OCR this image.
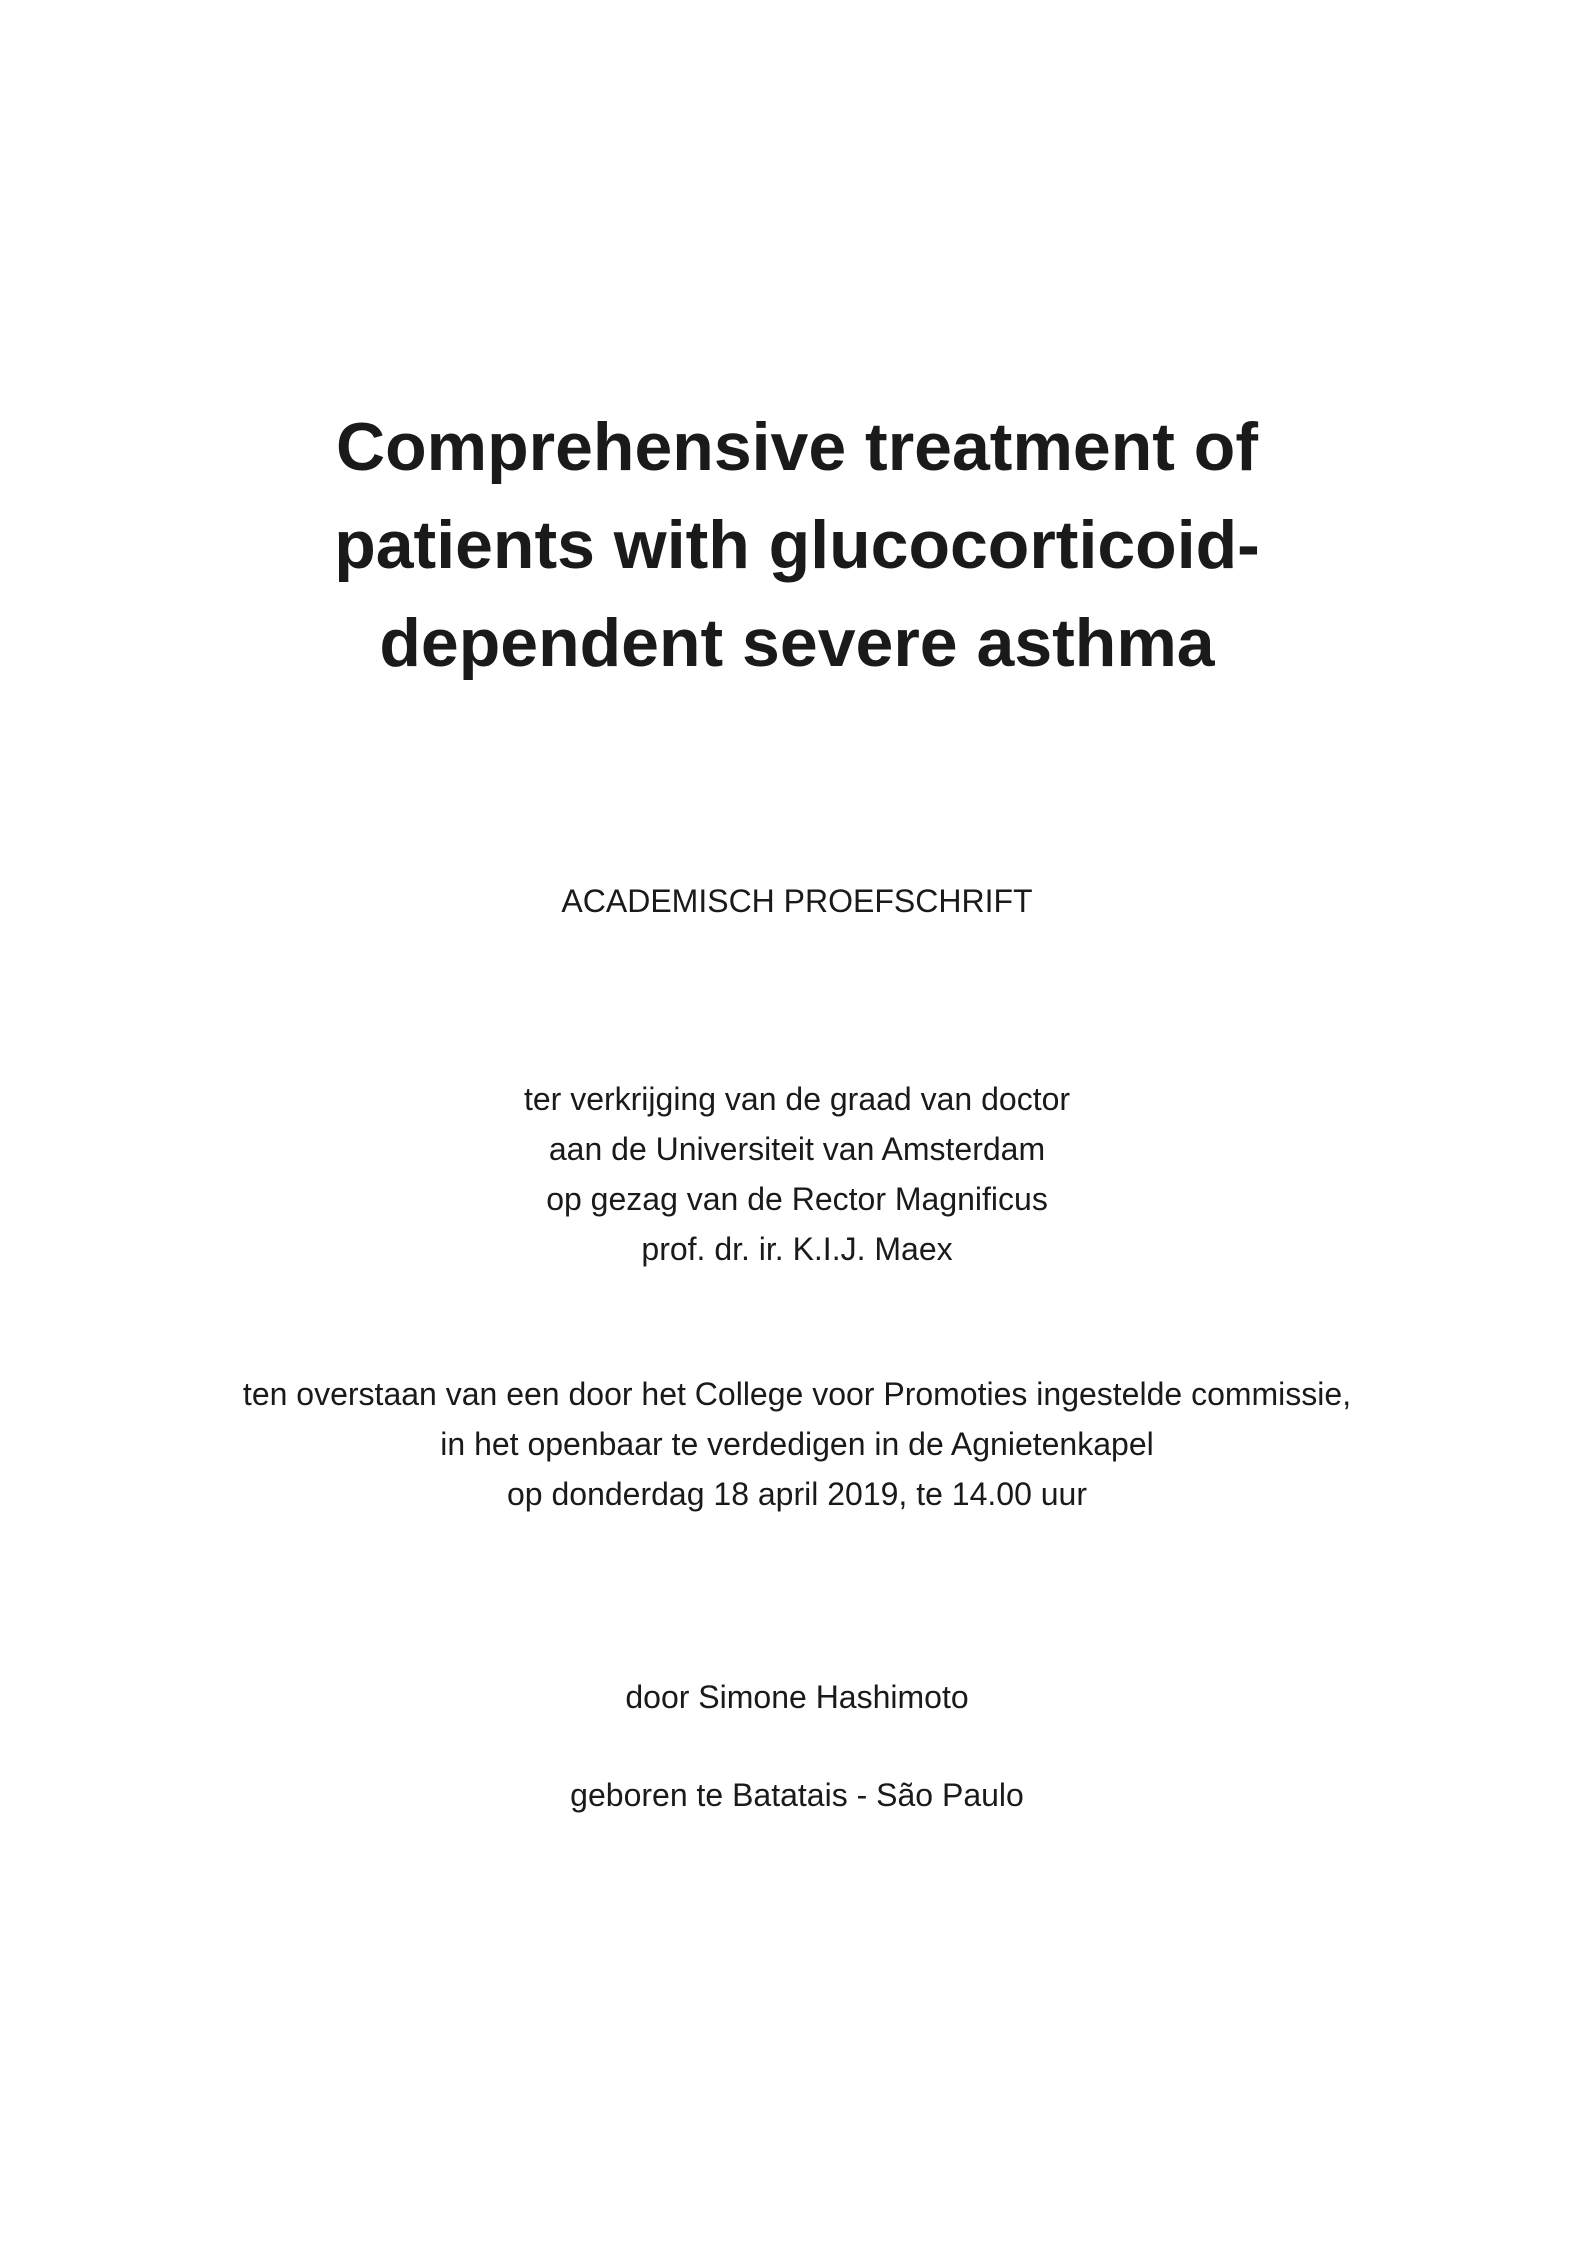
Comprehensive treatment of
patients with glucocorticoid-
dependent severe asthma
ACADEMISCH PROEFSCHRIFT
ter verkrijging van de graad van doctor
aan de Universiteit van Amsterdam
op gezag van de Rector Magnificus
prof. dr. ir. K.I.J. Maex
ten overstaan van een door het College voor Promoties ingestelde commissie,
in het openbaar te verdedigen in de Agnietenkapel
op donderdag 18 april 2019, te 14.00 uur
door Simone Hashimoto
geboren te Batatais - São Paulo
